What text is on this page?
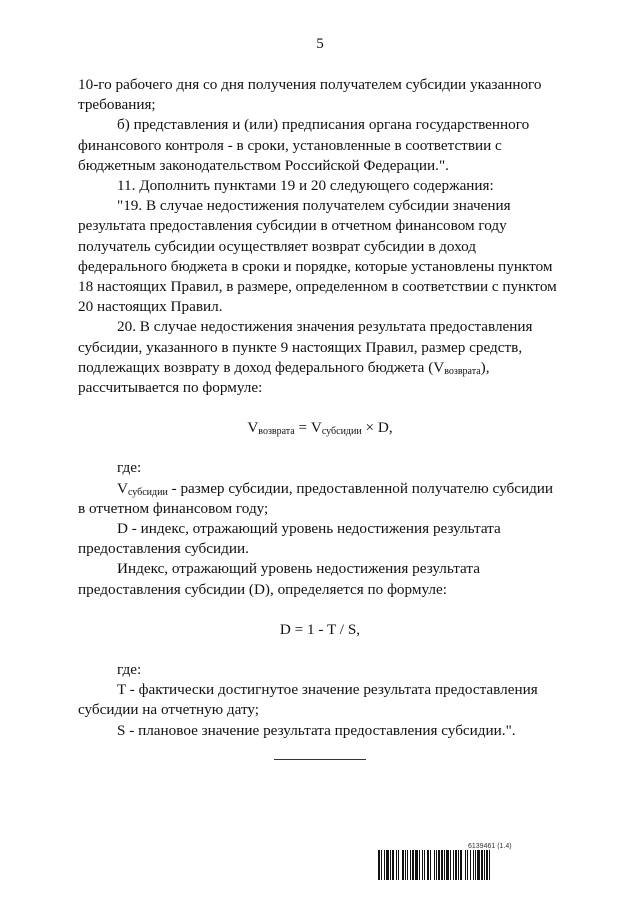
5

10-го рабочего дня со дня получения получателем субсидии указанного требования;

б) представления и (или) предписания органа государственного финансового контроля - в сроки, установленные в соответствии с бюджетным законодательством Российской Федерации.".

11. Дополнить пунктами 19 и 20 следующего содержания:

"19. В случае недостижения получателем субсидии значения результата предоставления субсидии в отчетном финансовом году получатель субсидии осуществляет возврат субсидии в доход федерального бюджета в сроки и порядке, которые установлены пунктом 18 настоящих Правил, в размере, определенном в соответствии с пунктом 20 настоящих Правил.

20. В случае недостижения значения результата предоставления субсидии, указанного в пункте 9 настоящих Правил, размер средств, подлежащих возврату в доход федерального бюджета $(V_{возврата})$, рассчитывается по формуле:

$V_{возврата} = V_{субсидии} \times D$,

где:

$V_{субсидии}$ - размер субсидии, предоставленной получателю субсидии в отчетном финансовом году;

D - индекс, отражающий уровень недостижения результата предоставления субсидии.

Индекс, отражающий уровень недостижения результата предоставления субсидии (D), определяется по формуле:

D = 1 - T / S,

где:

T - фактически достигнутое значение результата предоставления субсидии на отчетную дату;

S - плановое значение результата предоставления субсидии.".

6139461 (1.4)
